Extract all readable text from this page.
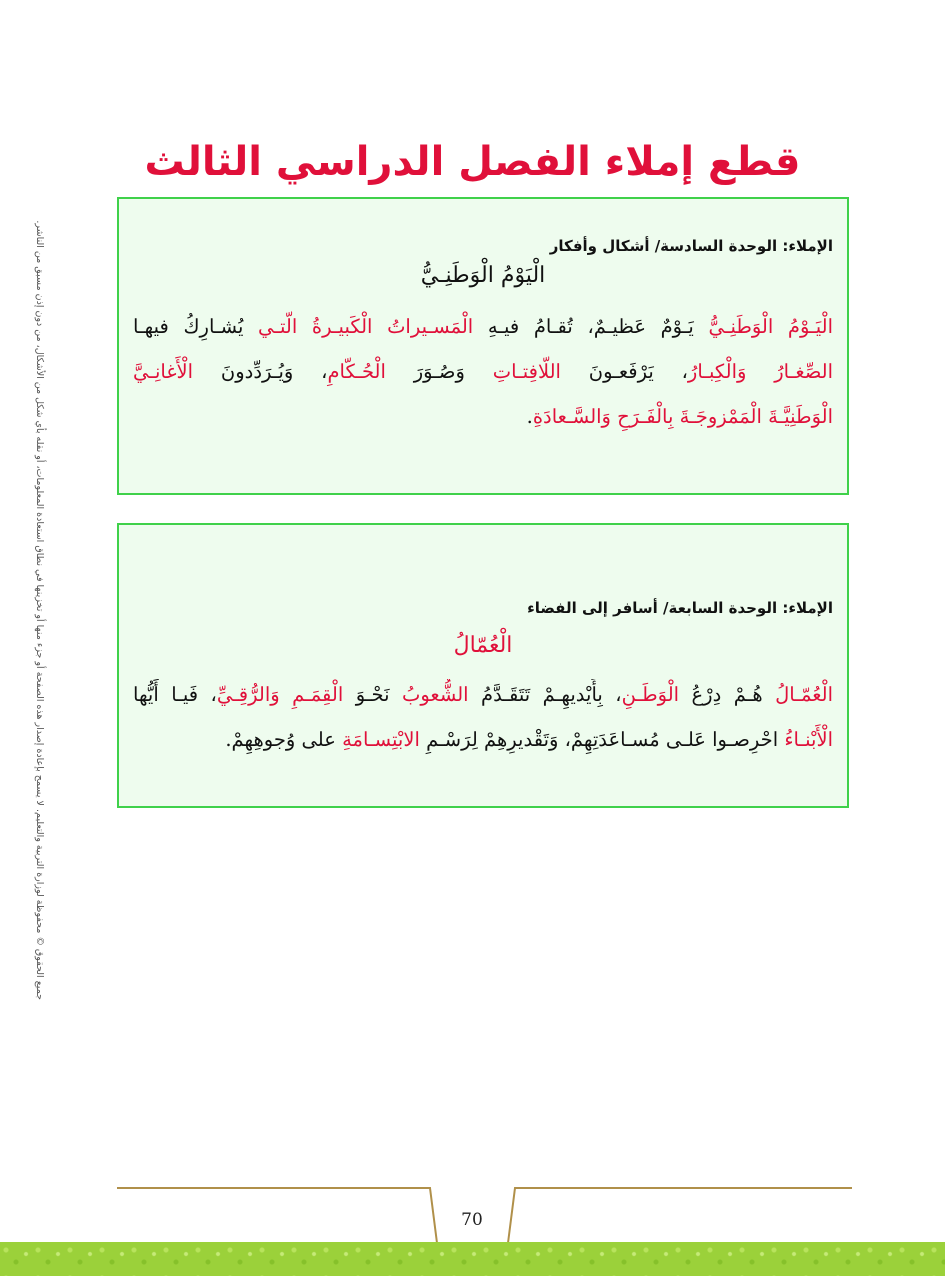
قطع إملاء الفصل الدراسي الثالث
جميع الحقوق © محفوظة لوزارة التربية والتعليم. لا يسمح بإعادة إصدار هذه الصفحة أو جزء منها أو تخزينها في نطاق استعادة المعلومات، أو نقله بأي شكل من الأشكال، من دون إذن مسبق من الناشر.	الإملاء: الوحدة السادسة/ أشكال وأفكار
الْيَوْمُ الْوَطَنِـيُّ
الْيَـوْمُ الْوَطَنِـيُّ يَـوْمٌ عَظيـمٌ، تُقـامُ فيـهِ الْمَسـيراتُ الْكَبيـرةُ الّتـي يُشـارِكُ فيهـا
الصِّغـارُ وَالْكِبـارُ، يَرْفَعـونَ اللّافِتـاتِ وَصُـوَرَ الْحُـكّامِ، وَيُـرَدِّدونَ الْأَغانِـيَّ
الْوَطَنِيَّـةَ الْمَمْزوجَـةَ بِالْفَـرَحِ وَالسَّـعادَةِ.
الإملاء: الوحدة السابعة/ أسافر إلى الفضاء
الْعُمّالُ
الْعُمّـالُ هُـمْ دِرْعُ الْوَطَـنِ، بِأَيْديهِـمْ تَتَقَـدَّمُ الشُّعوبُ نَحْـوَ الْقِمَـمِ وَالرُّقِـيِّ، فَيـا أَيُّها
الْأَبْنـاءُ احْرِصـوا عَلـى مُسـاعَدَتِهِمْ، وَتَقْديرِهِمْ لِرَسْـمِ الابْتِسـامَةِ على وُجوهِهِمْ.
70
